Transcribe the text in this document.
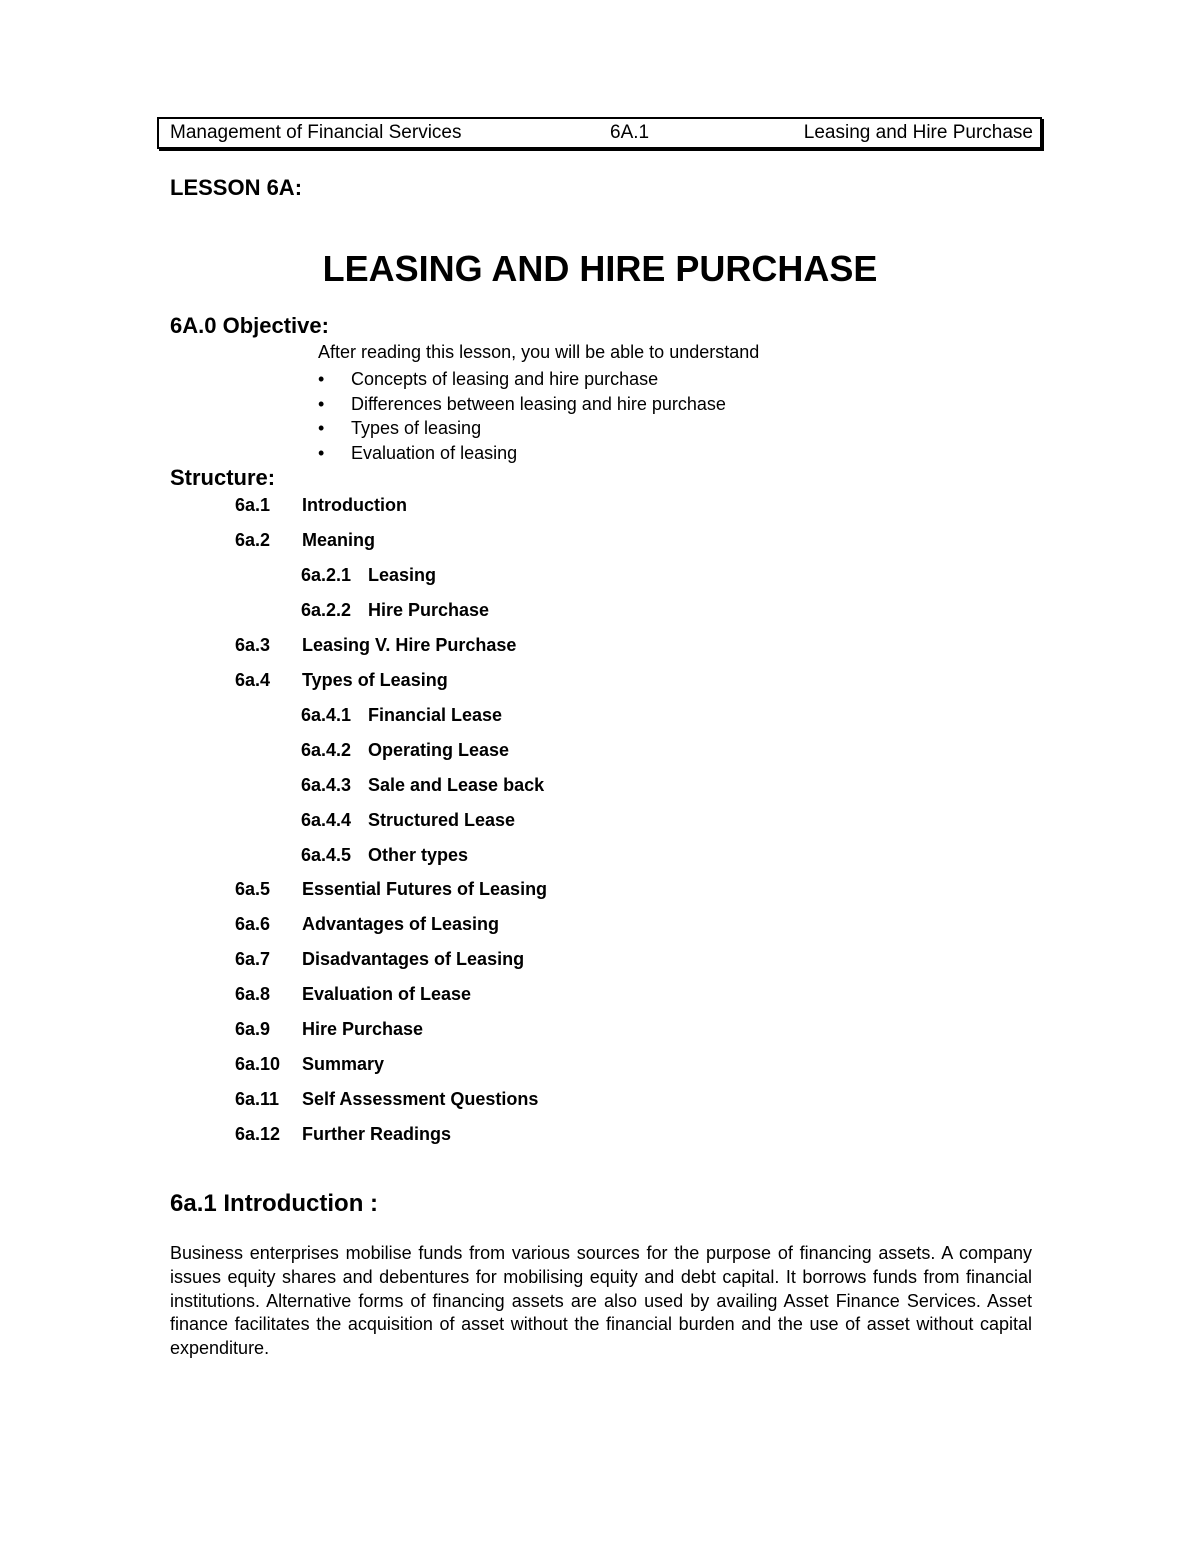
Management of Financial Services	6A.1	Leasing and Hire Purchase
LESSON 6A:
LEASING AND HIRE PURCHASE
6A.0 Objective:
After reading this lesson, you will be able to understand
• Concepts of leasing and hire purchase
• Differences between leasing and hire purchase
• Types of leasing
• Evaluation of leasing
Structure:
6a.1 Introduction
6a.2 Meaning
6a.2.1 Leasing
6a.2.2 Hire Purchase
6a.3 Leasing V. Hire Purchase
6a.4 Types of Leasing
6a.4.1 Financial Lease
6a.4.2 Operating Lease
6a.4.3 Sale and Lease back
6a.4.4 Structured Lease
6a.4.5 Other types
6a.5 Essential Futures of Leasing
6a.6 Advantages of Leasing
6a.7 Disadvantages of Leasing
6a.8 Evaluation of Lease
6a.9 Hire Purchase
6a.10 Summary
6a.11 Self Assessment Questions
6a.12 Further Readings
6a.1 Introduction :

Business enterprises mobilise funds from various sources for the purpose of financing assets. A company issues equity shares and debentures for mobilising equity and debt capital. It borrows funds from financial institutions. Alternative forms of financing assets are also used by availing Asset Finance Services. Asset finance facilitates the acquisition of asset without the financial burden and the use of asset without capital expenditure.
